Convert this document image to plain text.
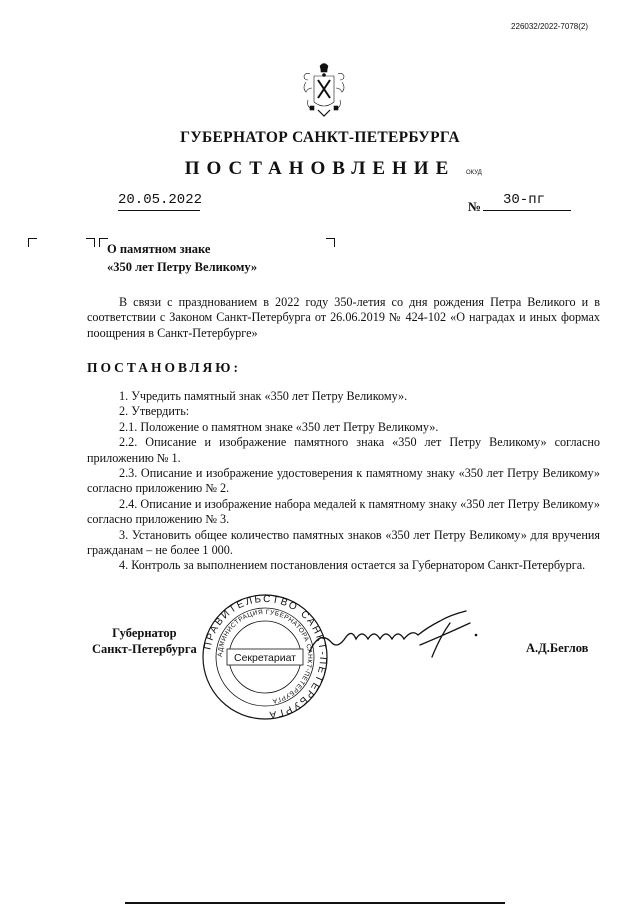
226032/2022-7078(2)
ГУБЕРНАТОР САНКТ-ПЕТЕРБУРГА
ПОСТАНОВЛЕНИЕ	ОКУД
20.05.2022	№	30-пг
О памятном знаке
«350 лет Петру Великому»
В связи с празднованием в 2022 году 350-летия со дня рождения Петра Великого и в соответствии с Законом Санкт-Петербурга от 26.06.2019 № 424-102 «О наградах и иных формах поощрения в Санкт-Петербурге»
ПОСТАНОВЛЯЮ:
1. Учредить памятный знак «350 лет Петру Великому».
2. Утвердить:
2.1. Положение о памятном знаке «350 лет Петру Великому».
2.2. Описание и изображение памятного знака «350 лет Петру Великому» согласно приложению № 1.
2.3. Описание и изображение удостоверения к памятному знаку «350 лет Петру Великому» согласно приложению № 2.
2.4. Описание и изображение набора медалей к памятному знаку «350 лет Петру Великому» согласно приложению № 3.
3. Установить общее количество памятных знаков «350 лет Петру Великому» для вручения гражданам – не более 1 000.
4. Контроль за выполнением постановления остается за Губернатором Санкт-Петербурга.
Губернатор
Санкт-Петербурга ПРАВИТЕЛЬСТВО САНКТ-ПЕТЕРБУРГА
АДМИНИСТРАЦИЯ ГУБЕРНАТОРА САНКТ-ПЕТЕРБУРГА
Секретариат
А.Д.Беглов
